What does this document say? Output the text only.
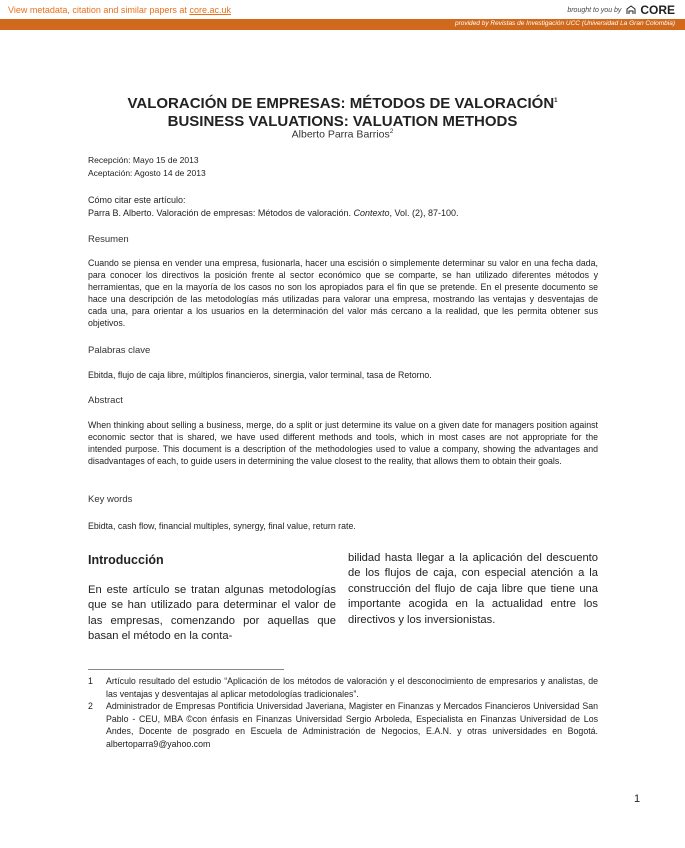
View metadata, citation and similar papers at core.ac.uk	brought to you by CORE
provided by Revistas de Investigación UCC (Universidad La Gran Colombia)
VALORACIÓN DE EMPRESAS: MÉTODOS DE VALORACIÓN$^1$
BUSINESS VALUATIONS: VALUATION METHODS
Alberto Parra Barrios$^2$
Recepción: Mayo 15 de 2013
Aceptación: Agosto 14 de 2013
Cómo citar este artículo:
Parra B. Alberto. Valoración de empresas: Métodos de valoración. Contexto, Vol. (2), 87-100.
Resumen
Cuando se piensa en vender una empresa, fusionarla, hacer una escisión o simplemente determinar su valor en una fecha dada, para conocer los directivos la posición frente al sector económico que se comparte, se han utilizado diferentes métodos y herramientas, que en la mayoría de los casos no son los apropiados para el fin que se pretende. En el presente documento se hace una descripción de las metodologías más utilizadas para valorar una empresa, mostrando las ventajas y desventajas de cada una, para orientar a los usuarios en la determinación del valor más cercano a la realidad, que les permita obtener sus objetivos.
Palabras clave
Ebitda, flujo de caja libre, múltiplos financieros, sinergia, valor terminal, tasa de Retorno.
Abstract
When thinking about selling a business, merge, do a split or just determine its value on a given date for managers position against economic sector that is shared, we have used different methods and tools, which in most cases are not appropriate for the intended purpose. This document is a description of the methodologies used to value a company, showing the advantages and disadvantages of each, to guide users in determining the value closest to the reality, that allows them to obtain their goals.
Key words
Ebidta, cash flow, financial multiples, synergy, final value, return rate.
Introducción
En este artículo se tratan algunas metodologías que se han utilizado para determinar el valor de las empresas, comenzando por aquellas que basan el método en la conta-
bilidad hasta llegar a la aplicación del descuento de los flujos de caja, con especial atención a la construcción del flujo de caja libre que tiene una importante acogida en la actualidad entre los directivos y los inversionistas.
1 Artículo resultado del estudio “Aplicación de los métodos de valoración y el desconocimiento de empresarios y analistas, de las ventajas y desventajas al aplicar metodologías tradicionales”.
2 Administrador de Empresas Pontificia Universidad Javeriana, Magister en Finanzas y Mercados Financieros Universidad San Pablo - CEU, MBA ©con énfasis en Finanzas Universidad Sergio Arboleda, Especialista en Finanzas Universidad de Los Andes, Docente de posgrado en Escuela de Administración de Negocios, E.A.N. y otras universidades en Bogotá. albertoparra9@yahoo.com
1
